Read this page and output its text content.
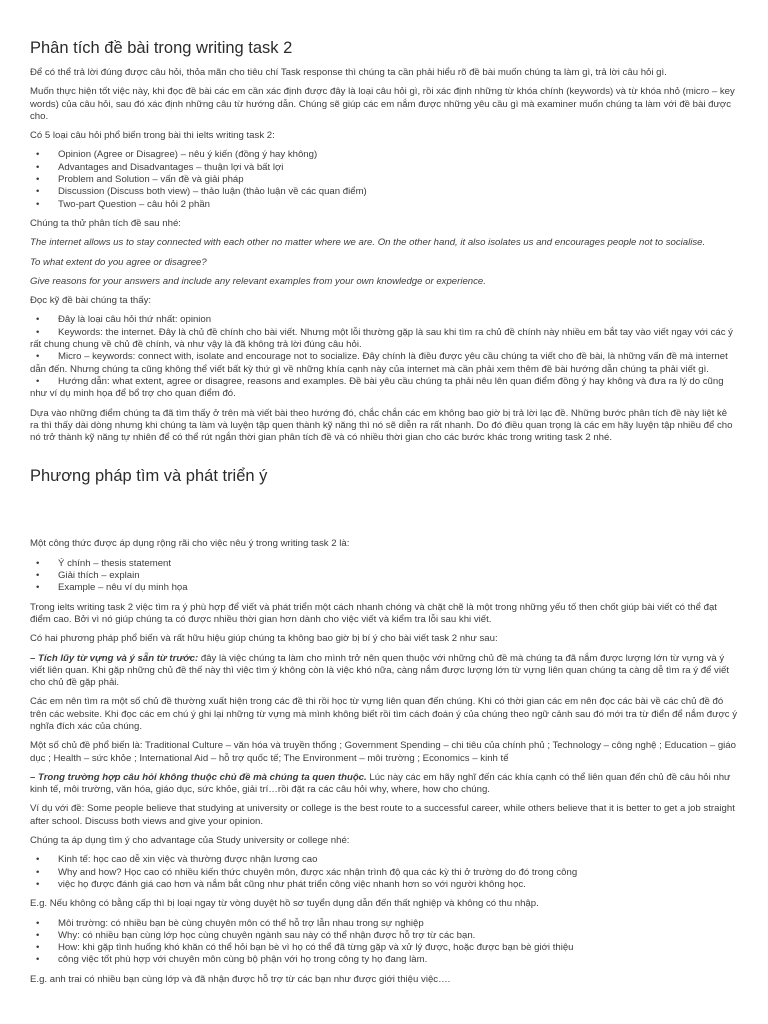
Phân tích đề bài trong writing task 2

Để có thể trả lời đúng được câu hỏi, thỏa mãn cho tiêu chí Task response thì chúng ta cần phải hiểu rõ đề bài muốn chúng ta làm gì, trả lời câu hỏi gì.

Muốn thực hiện tốt việc này, khi đọc đề bài các em cần xác định được đây là loại câu hỏi gì, rồi xác định những từ khóa chính (keywords) và từ khóa nhỏ (micro – key words) của câu hỏi, sau đó xác định những câu từ hướng dẫn. Chúng sẽ giúp các em nắm được những yêu cầu gì mà examiner muốn chúng ta làm với đề bài được cho.

Có 5 loại câu hỏi phổ biến trong bài thi ielts writing task 2:

• Opinion (Agree or Disagree) – nêu ý kiến (đồng ý hay không)
• Advantages and Disadvantages – thuận lợi và bất lợi
• Problem and Solution – vấn đề và giải pháp
• Discussion (Discuss both view) – thảo luận (thảo luận về các quan điểm)
• Two-part Question – câu hỏi 2 phần

Chúng ta thử phân tích đề sau nhé:

The internet allows us to stay connected with each other no matter where we are. On the other hand, it also isolates us and encourages people not to socialise.

To what extent do you agree or disagree?

Give reasons for your answers and include any relevant examples from your own knowledge or experience.

Đọc kỹ đề bài chúng ta thấy:

• Đây là loại câu hỏi thứ nhất: opinion
• Keywords: the internet. Đây là chủ đề chính cho bài viết. Nhưng một lỗi thường gặp là sau khi tìm ra chủ đề chính này nhiều em bắt tay vào viết ngay với các ý rất chung chung về chủ đề chính, và như vậy là đã không trả lời đúng câu hỏi.
• Micro – keywords: connect with, isolate and encourage not to socialize. Đây chính là điều được yêu cầu chúng ta viết cho đề bài, là những vấn đề mà internet dẫn đến. Nhưng chúng ta cũng không thể viết bất kỳ thứ gì về những khía cạnh này của internet mà cần phải xem thêm đề bài hướng dẫn chúng ta phải viết gì.
• Hướng dẫn: what extent, agree or disagree, reasons and examples. Đề bài yêu cầu chúng ta phải nêu lên quan điểm đồng ý hay không và đưa ra lý do cũng như ví dụ minh họa để bổ trợ cho quan điểm đó.

Dựa vào những điểm chúng ta đã tìm thấy ở trên mà viết bài theo hướng đó, chắc chắn các em không bao giờ bị trả lời lạc đề. Những bước phân tích đề này liệt kê ra thì thấy dài dòng nhưng khi chúng ta làm và luyện tập quen thành kỹ năng thì nó sẽ diễn ra rất nhanh. Do đó điều quan trọng là các em hãy luyện tập nhiều để cho nó trở thành kỹ năng tự nhiên để có thể rút ngắn thời gian phân tích đề và có nhiều thời gian cho các bước khác trong writing task 2 nhé.

Phương pháp tìm và phát triển ý

Một công thức được áp dụng rộng rãi cho việc nêu ý trong writing task 2 là:

• Ý chính – thesis statement
• Giải thích – explain
• Example – nêu ví dụ minh họa

Trong ielts writing task 2 việc tìm ra ý phù hợp để viết và phát triển một cách nhanh chóng và chặt chẽ là một trong những yếu tố then chốt giúp bài viết có thể đạt điểm cao. Bởi vì nó giúp chúng ta có được nhiều thời gian hơn dành cho việc viết và kiểm tra lỗi sau khi viết.

Có hai phương pháp phổ biến và rất hữu hiệu giúp chúng ta không bao giờ bị bí ý cho bài viết task 2 như sau:

– Tích lũy từ vựng và ý sẵn từ trước: đây là việc chúng ta làm cho mình trở nên quen thuộc với những chủ đề mà chúng ta đã nắm được lượng lớn từ vựng và ý viết liên quan. Khi gặp những chủ đề thế này thì việc tìm ý không còn là việc khó nữa, càng nắm được lượng lớn từ vựng liên quan chúng ta càng dễ tìm ra ý để viết cho chủ đề gặp phải.

Các em nên tìm ra một số chủ đề thường xuất hiện trong các đề thi rồi học từ vựng liên quan đến chúng. Khi có thời gian các em nên đọc các bài về các chủ đề đó trên các website. Khi đọc các em chú ý ghi lại những từ vựng mà mình không biết rồi tìm cách đoán ý của chúng theo ngữ cảnh sau đó mới tra từ điển để nắm được ý nghĩa đích xác của chúng.

Một số chủ đề phổ biến là: Traditional Culture – văn hóa và truyền thống ; Government Spending – chi tiêu của chính phủ ; Technology – công nghệ ; Education – giáo dục ; Health – sức khỏe ; International Aid – hỗ trợ quốc tế; The Environment – môi trường ; Economics – kinh tế

– Trong trường hợp câu hỏi không thuộc chủ đề mà chúng ta quen thuộc. Lúc này các em hãy nghĩ đến các khía cạnh có thể liên quan đến chủ đề câu hỏi như kinh tế, môi trường, văn hóa, giáo dục, sức khỏe, giải trí…rồi đặt ra các câu hỏi why, where, how cho chúng.

Ví dụ với đề: Some people believe that studying at university or college is the best route to a successful career, while others believe that it is better to get a job straight after school. Discuss both views and give your opinion.

Chúng ta áp dụng tìm ý cho advantage của Study university or college nhé:

• Kinh tế: học cao dễ xin việc và thường được nhận lương cao
• Why and how? Học cao có nhiều kiến thức chuyên môn, được xác nhận trình độ qua các kỳ thi ở trường do đó trong công
• việc họ được đánh giá cao hơn và nắm bắt cũng như phát triển công việc nhanh hơn so với người không học.

E.g. Nếu không có bằng cấp thì bị loại ngay từ vòng duyệt hồ sơ tuyển dụng dẫn đến thất nghiệp và không có thu nhập.

• Môi trường: có nhiều bạn bè cùng chuyên môn có thể hỗ trợ lẫn nhau trong sự nghiệp
• Why: có nhiều bạn cùng lớp học cùng chuyên ngành sau này có thể nhận được hỗ trợ từ các bạn.
• How: khi gặp tình huống khó khăn có thể hỏi bạn bè vì họ có thể đã từng gặp và xử lý được, hoặc được bạn bè giới thiệu
• công việc tốt phù hợp với chuyên môn cùng bộ phận với họ trong công ty họ đang làm.

E.g. anh trai có nhiều bạn cùng lớp và đã nhận được hỗ trợ từ các bạn như được giới thiệu việc….
